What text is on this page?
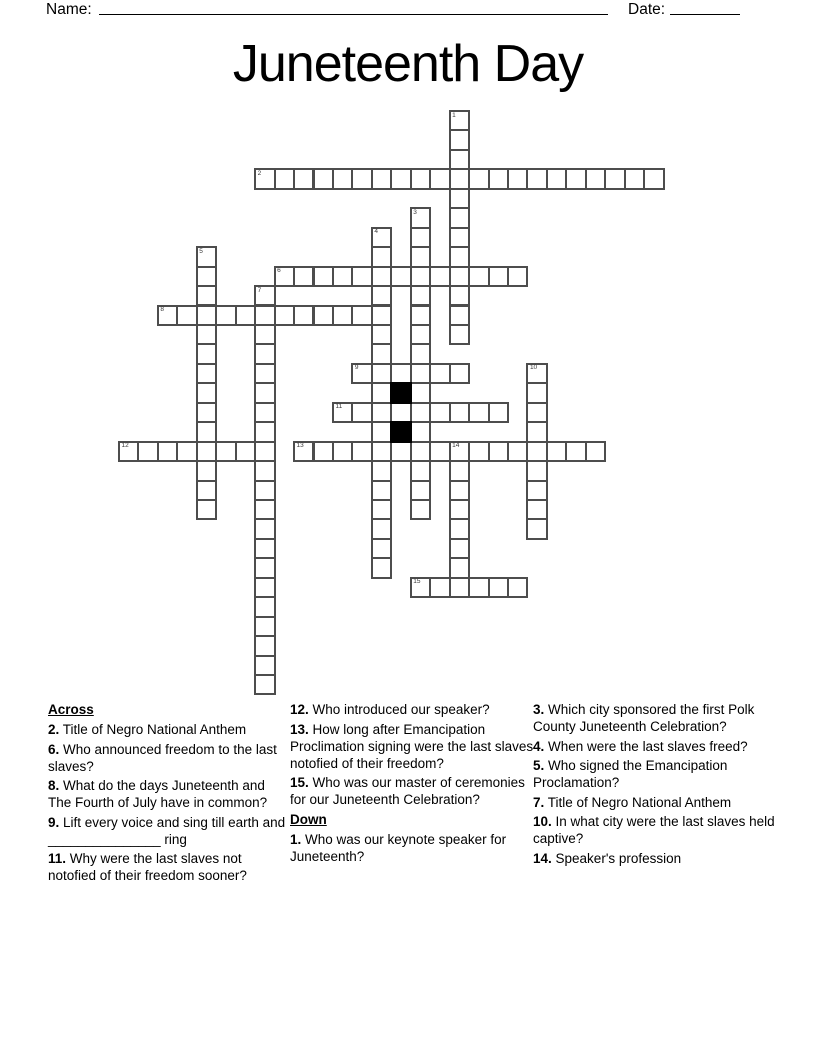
Name:	Date:
Juneteenth Day
1
2
3
4
5
6
7
8
9	10
11
12	13	14
15
Across

2. Title of Negro National Anthem

6. Who announced freedom to the last slaves?

8. What do the days Juneteenth and The Fourth of July have in common?

9. Lift every voice and sing till earth and _______________ ring

11. Why were the last slaves not notofied of their freedom sooner?

12. Who introduced our speaker?

13. How long after Emancipation Proclimation signing were the last slaves notofied of their freedom?

15. Who was our master of ceremonies for our Juneteenth Celebration?

Down

1. Who was our keynote speaker for Juneteenth?

3. Which city sponsored the first Polk County Juneteenth Celebration?

4. When were the last slaves freed?

5. Who signed the Emancipation Proclamation?

7. Title of Negro National Anthem

10. In what city were the last slaves held captive?

14. Speaker's profession
